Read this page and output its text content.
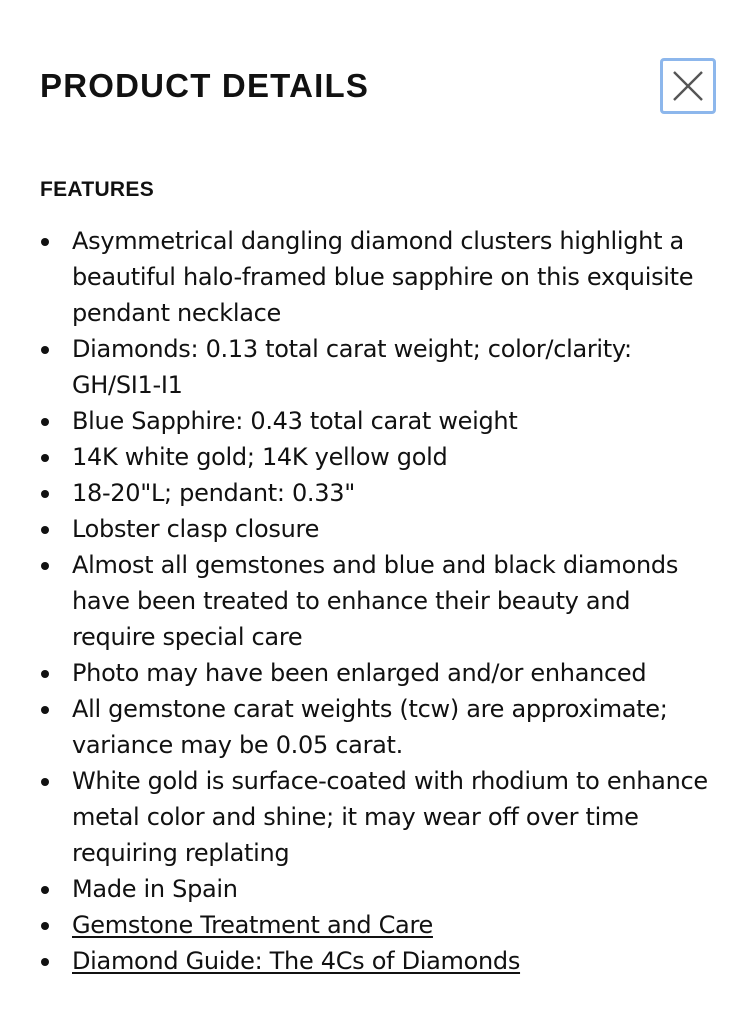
PRODUCT DETAILS
FEATURES
Asymmetrical dangling diamond clusters highlight a beautiful halo-framed blue sapphire on this exquisite pendant necklace
Diamonds: 0.13 total carat weight; color/clarity: GH/SI1-I1
Blue Sapphire: 0.43 total carat weight
14K white gold; 14K yellow gold
18-20"L; pendant: 0.33"
Lobster clasp closure
Almost all gemstones and blue and black diamonds have been treated to enhance their beauty and require special care
Photo may have been enlarged and/or enhanced
All gemstone carat weights (tcw) are approximate; variance may be 0.05 carat.
White gold is surface-coated with rhodium to enhance metal color and shine; it may wear off over time requiring replating
Made in Spain
Gemstone Treatment and Care
Diamond Guide: The 4Cs of Diamonds
